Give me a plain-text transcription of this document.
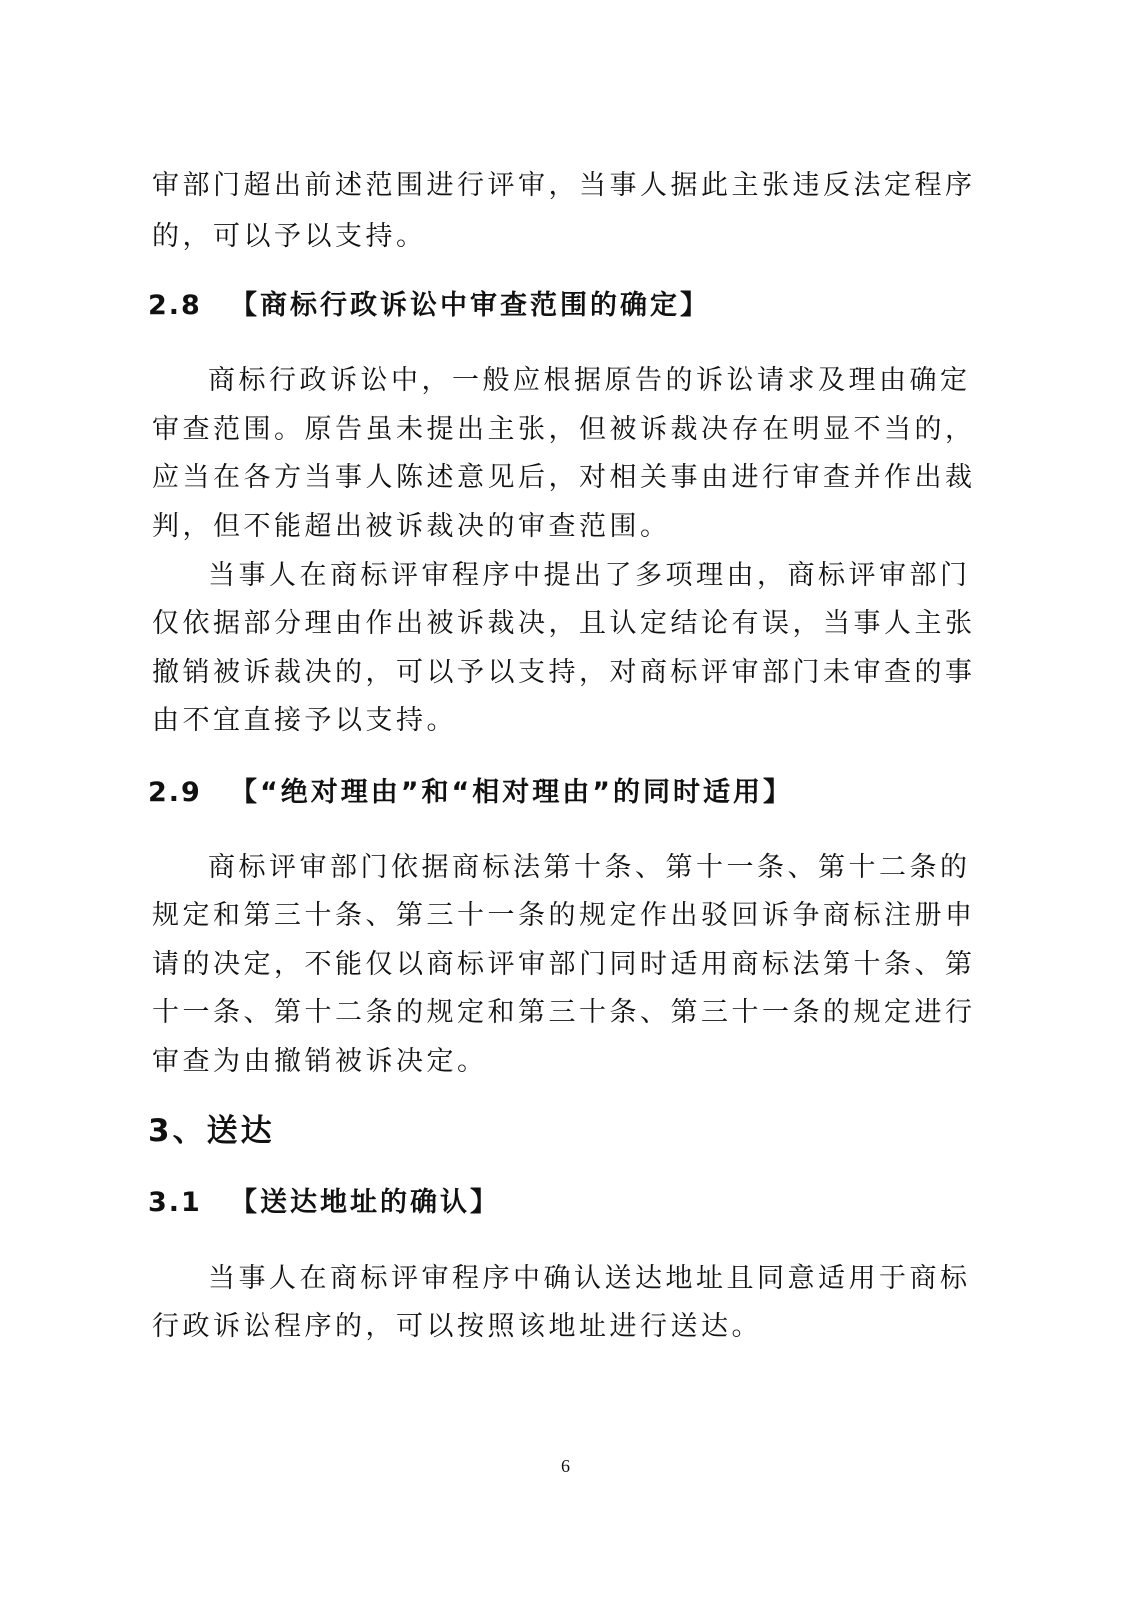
审部门超出前述范围进行评审，当事人据此主张违反法定程序
的，可以予以支持。
2.8 【商标行政诉讼中审查范围的确定】
商标行政诉讼中，一般应根据原告的诉讼请求及理由确定
审查范围。原告虽未提出主张，但被诉裁决存在明显不当的，
应当在各方当事人陈述意见后，对相关事由进行审查并作出裁
判，但不能超出被诉裁决的审查范围。
当事人在商标评审程序中提出了多项理由，商标评审部门
仅依据部分理由作出被诉裁决，且认定结论有误，当事人主张
撤销被诉裁决的，可以予以支持，对商标评审部门未审查的事
由不宜直接予以支持。
2.9 【“绝对理由”和“相对理由”的同时适用】
商标评审部门依据商标法第十条、第十一条、第十二条的
规定和第三十条、第三十一条的规定作出驳回诉争商标注册申
请的决定，不能仅以商标评审部门同时适用商标法第十条、第
十一条、第十二条的规定和第三十条、第三十一条的规定进行
审查为由撤销被诉决定。
3、送达
3.1 【送达地址的确认】
当事人在商标评审程序中确认送达地址且同意适用于商标
行政诉讼程序的，可以按照该地址进行送达。
6
